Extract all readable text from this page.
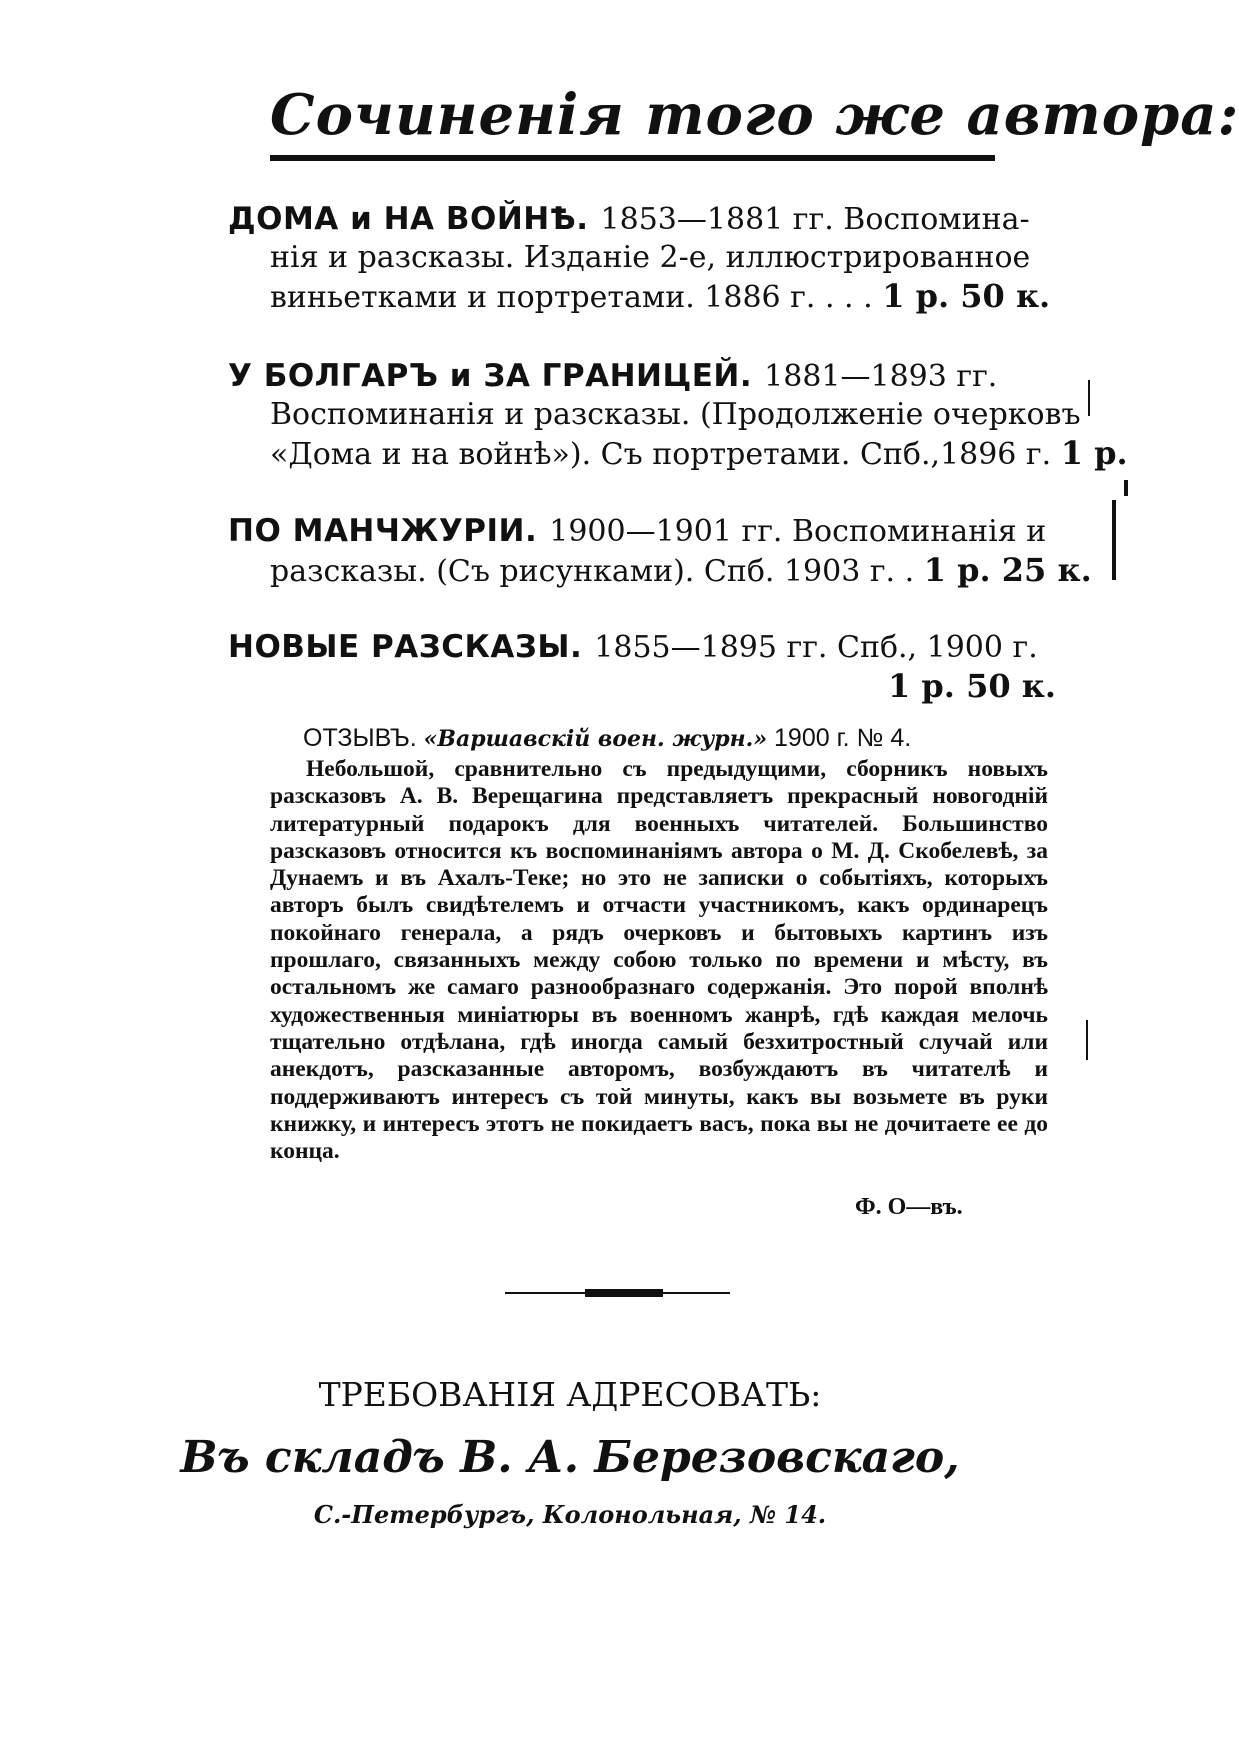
Сочиненія того же автора:
ДОМА и НА ВОЙНѢ. 1853—1881 гг. Воспомина-
нія и разсказы. Изданіе 2-е, иллюстрированное
виньетками и портретами. 1886 г. . . . 1 р. 50 к.
У БОЛГАРЪ и ЗА ГРАНИЦЕЙ. 1881—1893 гг.
Воспоминанія и разсказы. (Продолженіе очерковъ
«Дома и на войнѣ»). Съ портретами. Спб.,1896 г. 1 р.
ПО МАНЧЖУРІИ. 1900—1901 гг. Воспоминанія и
разсказы. (Съ рисунками). Спб. 1903 г. . 1 р. 25 к.
НОВЫЕ РАЗСКАЗЫ. 1855—1895 гг. Спб., 1900 г.
1 р. 50 к.
ОТЗЫВЪ. «Варшавскій воен. журн.» 1900 г. № 4.
Небольшой, сравнительно съ предыдущими, сборникъ новыхъ разсказовъ А. В. Верещагина представляетъ прекрасный новогодній литературный подарокъ для военныхъ читателей. Большинство разсказовъ относится къ воспоминаніямъ автора о М. Д. Скобелевѣ, за Дунаемъ и въ Ахалъ-Теке; но это не записки о событіяхъ, которыхъ авторъ былъ свидѣтелемъ и отчасти участникомъ, какъ ординарецъ покойнаго генерала, а рядъ очерковъ и бытовыхъ картинъ изъ прошлаго, связанныхъ между собою только по времени и мѣсту, въ остальномъ же самаго разнообразнаго содержанія. Это порой вполнѣ художественныя миніатюры въ военномъ жанрѣ, гдѣ каждая мелочь тщательно отдѣлана, гдѣ иногда самый безхитростный случай или анекдотъ, разсказанные авторомъ, возбуждаютъ въ читателѣ и поддерживаютъ интересъ съ той минуты, какъ вы возьмете въ руки книжку, и интересъ этотъ не покидаетъ васъ, пока вы не дочитаете ее до конца.
Ф. О—въ.
ТРЕБОВАНІЯ АДРЕСОВАТЬ:
Въ складъ В. А. Березовскаго,
С.-Петербургъ, Колонольная, № 14.
